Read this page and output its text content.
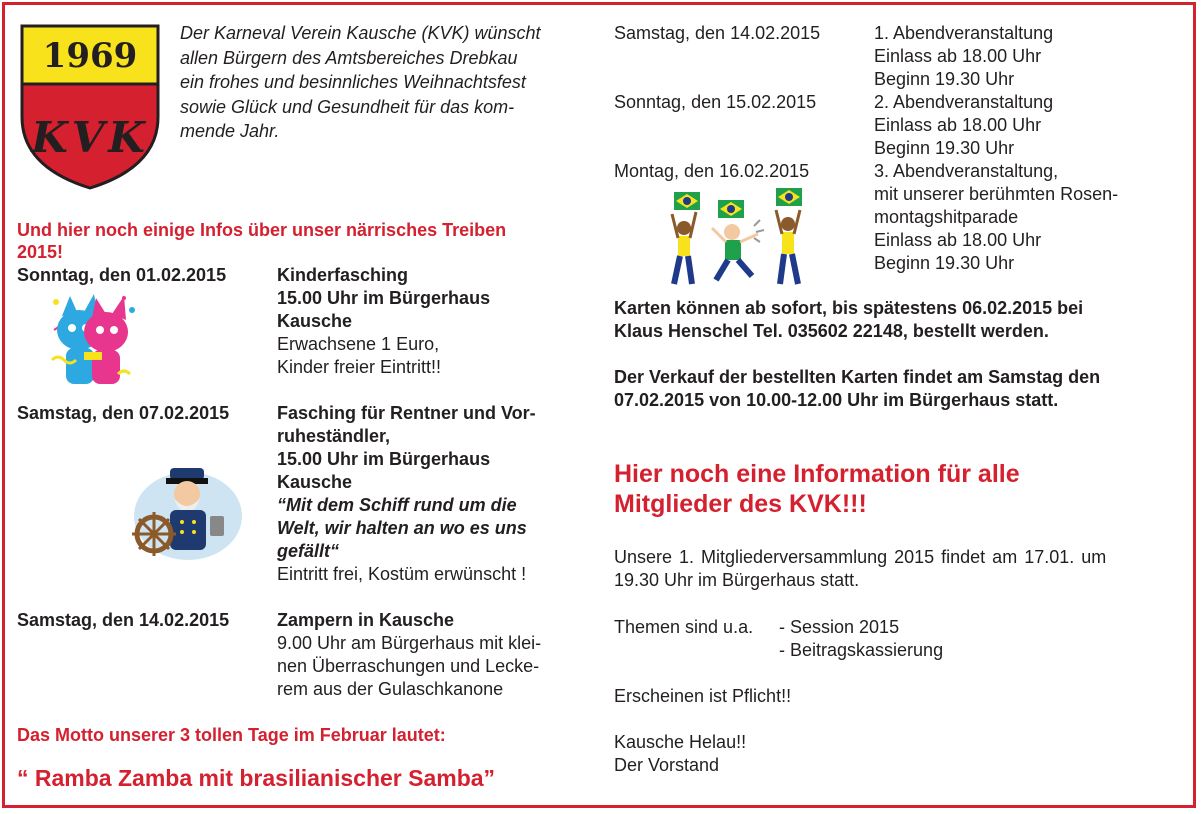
1969
KVK
Der Karneval Verein Kausche (KVK) wünscht
allen Bürgern des Amtsbereiches Drebkau
ein frohes und besinnliches Weihnachtsfest
sowie Glück und Gesundheit für das kom-
mende Jahr.
Und hier noch einige Infos über unser närrisches Treiben
2015!
Sonntag, den 01.02.2015	Kinderfasching
15.00 Uhr im Bürgerhaus
Kausche
Erwachsene 1 Euro,
Kinder freier Eintritt!!
Samstag, den 07.02.2015	Fasching für Rentner und Vor-
ruheständler,
15.00 Uhr im Bürgerhaus
Kausche
“Mit dem Schiff rund um die
Welt, wir halten an wo es uns
gefällt“
Eintritt frei, Kostüm erwünscht !
Samstag, den 14.02.2015	Zampern in Kausche
9.00 Uhr am Bürgerhaus mit klei-
nen Überraschungen und Lecke-
rem aus der Gulaschkanone
Das Motto unserer 3 tollen Tage im Februar lautet:
“ Ramba Zamba mit brasilianischer Samba”
Samstag, den 14.02.2015	1. Abendveranstaltung
Einlass ab 18.00 Uhr
Beginn 19.30 Uhr
Sonntag, den 15.02.2015	2. Abendveranstaltung
Einlass ab 18.00 Uhr
Beginn 19.30 Uhr
Montag, den 16.02.2015	3. Abendveranstaltung,
mit unserer berühmten Rosen-
montagshitparade
Einlass ab 18.00 Uhr
Beginn 19.30 Uhr
Karten können ab sofort, bis spätestens 06.02.2015 bei
Klaus Henschel Tel. 035602 22148, bestellt werden.
Der Verkauf der bestellten Karten findet am Samstag den
07.02.2015 von 10.00-12.00 Uhr im Bürgerhaus statt.
Hier noch eine Information für alle
Mitglieder des KVK!!!
Unsere 1. Mitgliederversammlung 2015 findet am 17.01. um
19.30 Uhr im Bürgerhaus statt.
Themen sind u.a. - Session 2015
- Beitragskassierung
Erscheinen ist Pflicht!!
Kausche Helau!!
Der Vorstand
